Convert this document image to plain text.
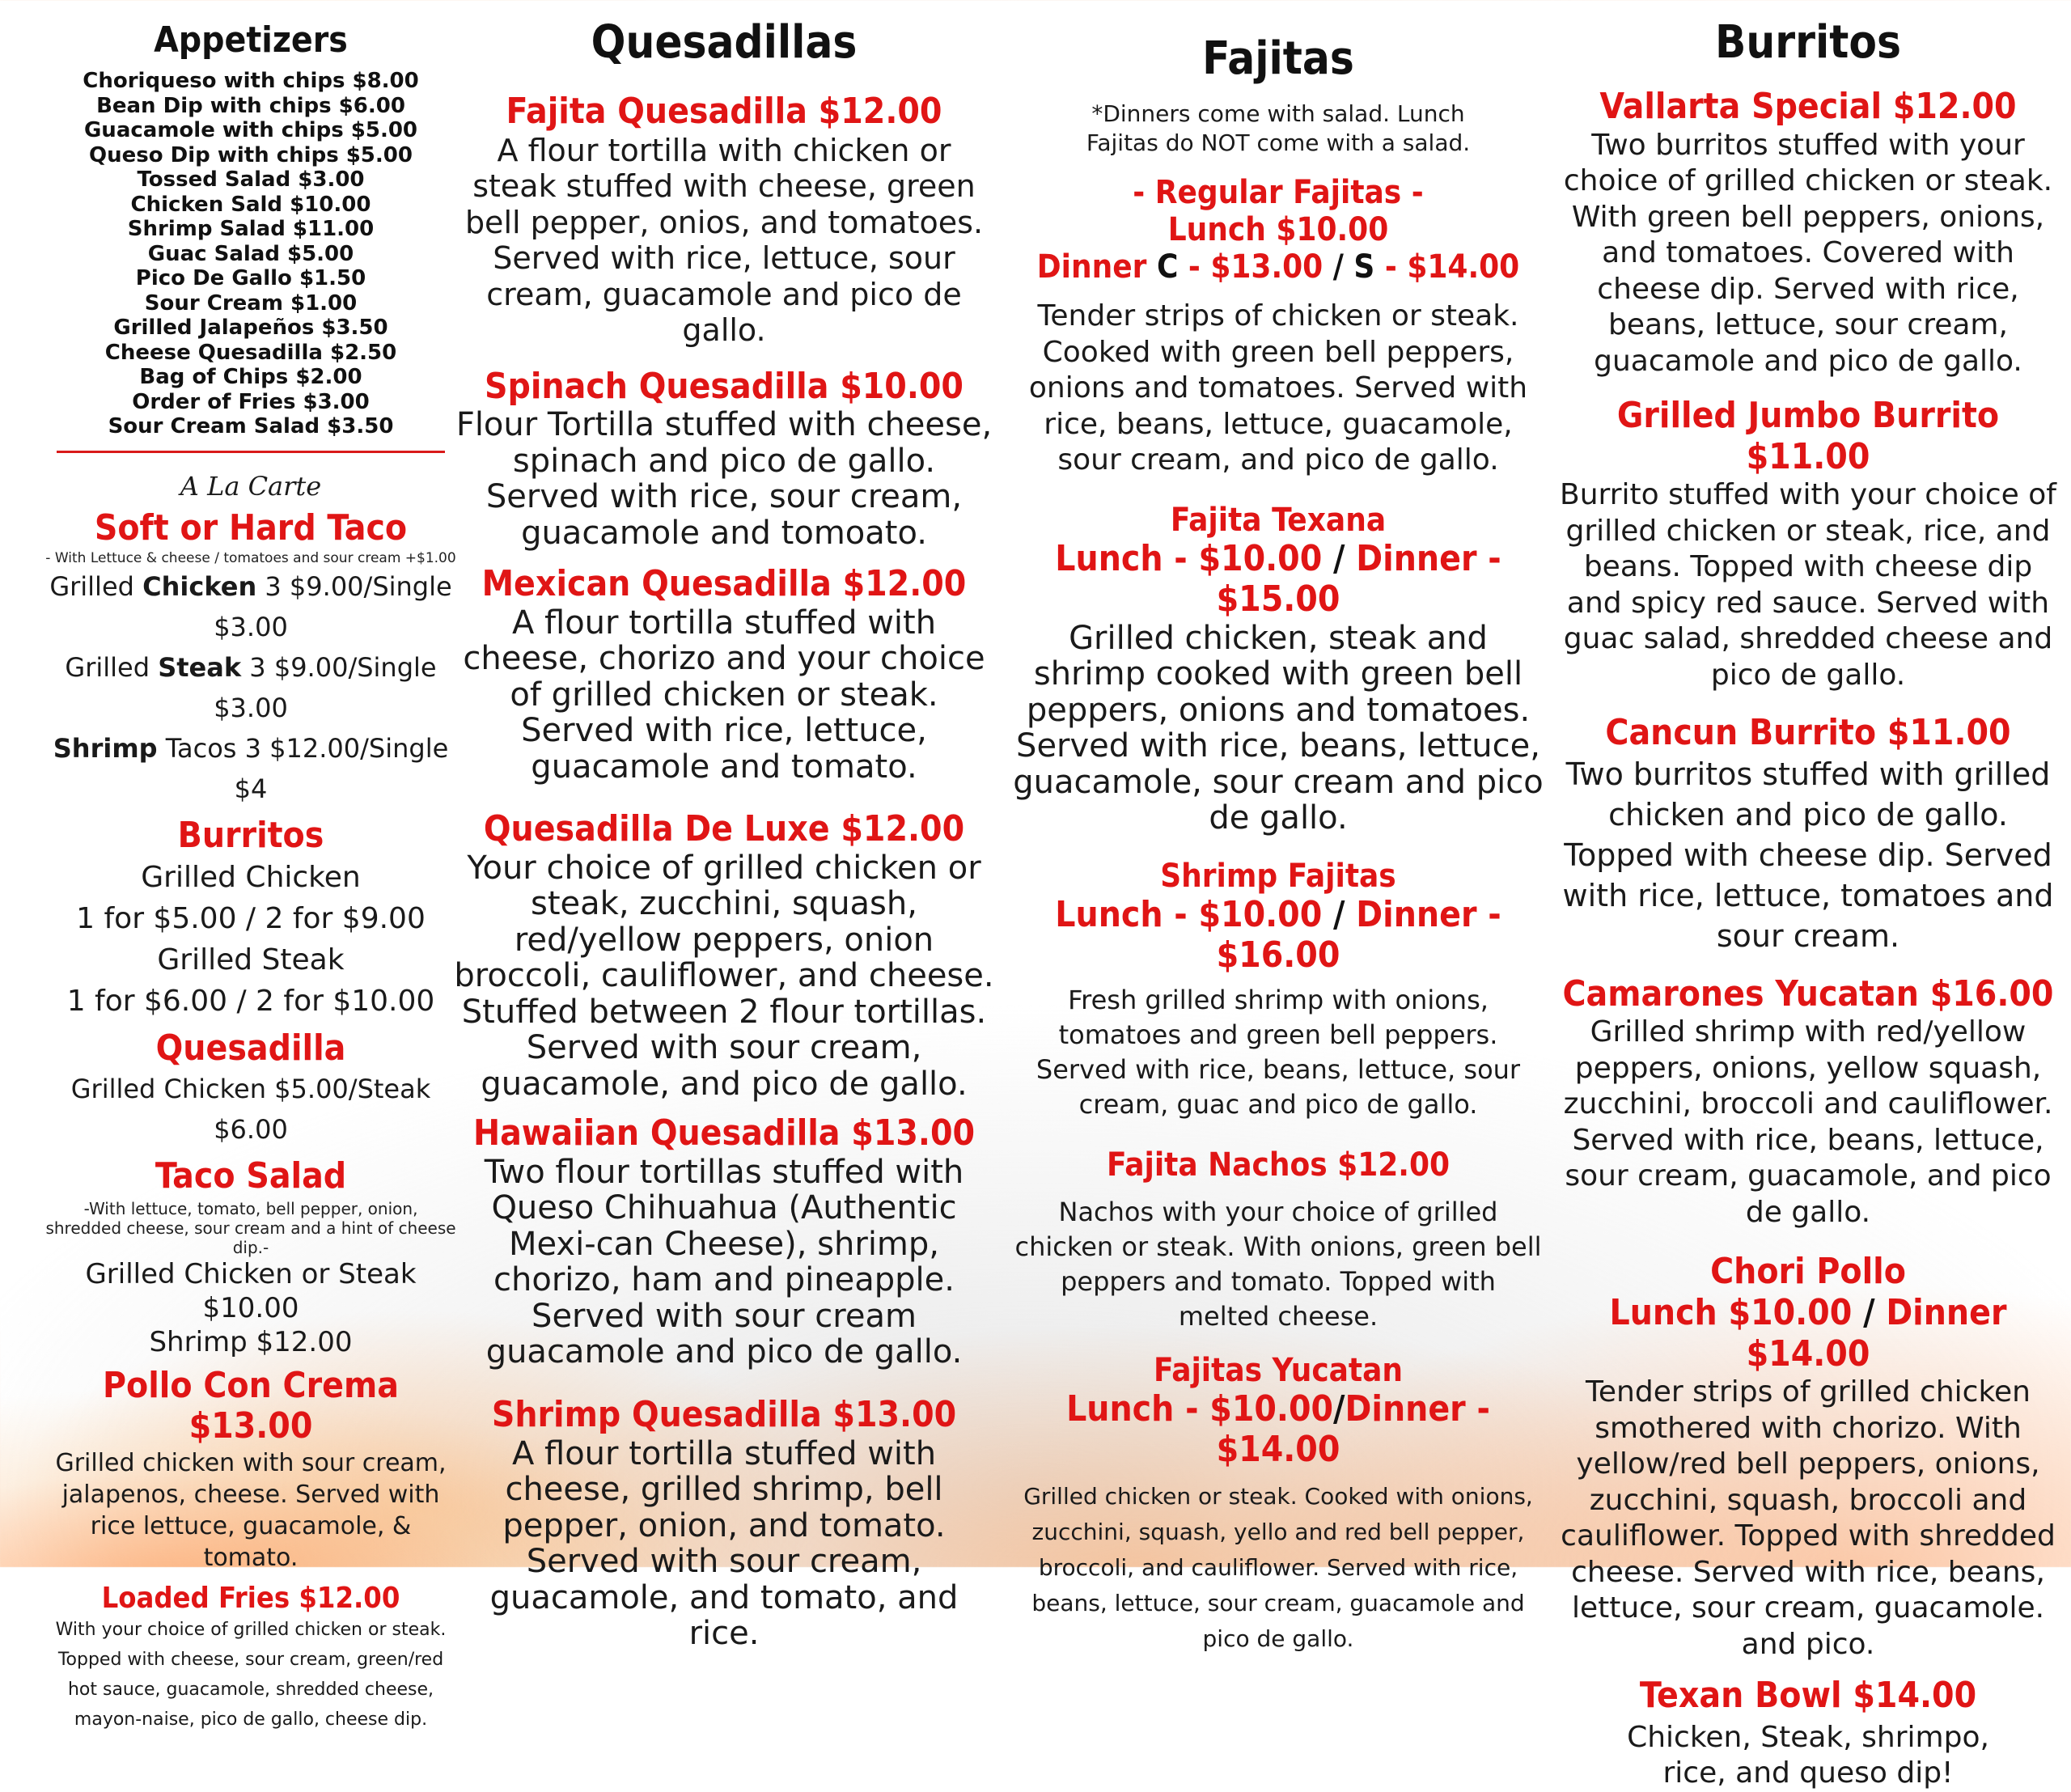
Appetizers
Choriqueso with chips $8.00
Bean Dip with chips $6.00
Guacamole with chips $5.00
Queso Dip with chips $5.00
Tossed Salad $3.00
Chicken Sald $10.00
Shrimp Salad $11.00
Guac Salad $5.00
Pico De Gallo $1.50
Sour Cream $1.00
Grilled Jalapeños $3.50
Cheese Quesadilla $2.50
Bag of Chips $2.00
Order of Fries $3.00
Sour Cream Salad $3.50
A La Carte
Soft or Hard Taco
- With Lettuce & cheese / tomatoes and sour cream +$1.00
Grilled Chicken 3 $9.00/Single $3.00
Grilled Steak 3 $9.00/Single $3.00
Shrimp Tacos 3 $12.00/Single $4
Burritos
Grilled Chicken
1 for $5.00 / 2 for $9.00
Grilled Steak
1 for $6.00 / 2 for $10.00
Quesadilla
Grilled Chicken $5.00/Steak $6.00
Taco Salad
-With lettuce, tomato, bell pepper, onion, shredded cheese, sour cream and a hint of cheese dip.-
Grilled Chicken or Steak $10.00
Shrimp $12.00
Pollo Con Crema $13.00

Grilled chicken with sour cream, jalapenos, cheese. Served with rice lettuce, guacamole, & tomato.

Loaded Fries $12.00

With your choice of grilled chicken or steak. Topped with cheese, sour cream, green/red hot sauce, guacamole, shredded cheese, mayon-naise, pico de gallo, cheese dip.

Quesadillas
Fajita Quesadilla $12.00

A flour tortilla with chicken or steak stuffed with cheese, green bell pepper, onios, and tomatoes. Served with rice, lettuce, sour cream, guacamole and pico de gallo.

Spinach Quesadilla $10.00

Flour Tortilla stuffed with cheese, spinach and pico de gallo. Served with rice, sour cream, guacamole and tomoato.

Mexican Quesadilla $12.00

A flour tortilla stuffed with cheese, chorizo and your choice of grilled chicken or steak. Served with rice, lettuce, guacamole and tomato.

Quesadilla De Luxe $12.00

Your choice of grilled chicken or steak, zucchini, squash, red/yellow peppers, onion broccoli, cauliflower, and cheese. Stuffed between 2 flour tortillas. Served with sour cream, guacamole, and pico de gallo.

Hawaiian Quesadilla $13.00

Two flour tortillas stuffed with Queso Chihuahua (Authentic Mexi-can Cheese), shrimp, chorizo, ham and pineapple. Served with sour cream guacamole and pico de gallo.

Shrimp Quesadilla $13.00

A flour tortilla stuffed with cheese, grilled shrimp, bell pepper, onion, and tomato. Served with sour cream, guacamole, and tomato, and rice.

Fajitas

*Dinners come with salad. Lunch Fajitas do NOT come with a salad.

- Regular Fajitas -
Lunch $10.00
Dinner C - $13.00 / S - $14.00

Tender strips of chicken or steak. Cooked with green bell peppers, onions and tomatoes. Served with rice, beans, lettuce, guacamole, sour cream, and pico de gallo.

Fajita Texana
Lunch - $10.00 / Dinner - $15.00

Grilled chicken, steak and shrimp cooked with green bell peppers, onions and tomatoes. Served with rice, beans, lettuce, guacamole, sour cream and pico de gallo.

Shrimp Fajitas
Lunch - $10.00 / Dinner - $16.00

Fresh grilled shrimp with onions, tomatoes and green bell peppers. Served with rice, beans, lettuce, sour cream, guac and pico de gallo.

Fajita Nachos $12.00

Nachos with your choice of grilled chicken or steak. With onions, green bell peppers and tomato. Topped with melted cheese.

Fajitas Yucatan
Lunch - $10.00/Dinner - $14.00

Grilled chicken or steak. Cooked with onions, zucchini, squash, yello and red bell pepper, broccoli, and cauliflower. Served with rice, beans, lettuce, sour cream, guacamole and pico de gallo.

Burritos
Vallarta Special $12.00

Two burritos stuffed with your choice of grilled chicken or steak. With green bell peppers, onions, and tomatoes. Covered with cheese dip. Served with rice, beans, lettuce, sour cream, guacamole and pico de gallo.

Grilled Jumbo Burrito $11.00

Burrito stuffed with your choice of grilled chicken or steak, rice, and beans. Topped with cheese dip and spicy red sauce. Served with guac salad, shredded cheese and pico de gallo.

Cancun Burrito $11.00

Two burritos stuffed with grilled chicken and pico de gallo. Topped with cheese dip. Served with rice, lettuce, tomatoes and sour cream.

Camarones Yucatan $16.00

Grilled shrimp with red/yellow peppers, onions, yellow squash, zucchini, broccoli and cauliflower. Served with rice, beans, lettuce, sour cream, guacamole, and pico de gallo.

Chori Pollo
Lunch $10.00 / Dinner $14.00

Tender strips of grilled chicken smothered with chorizo. With yellow/red bell peppers, onions, zucchini, squash, broccoli and cauliflower. Topped with shredded cheese. Served with rice, beans, lettuce, sour cream, guacamole. and pico.

Texan Bowl $14.00

Chicken, Steak, shrimpo, rice, and queso dip!
